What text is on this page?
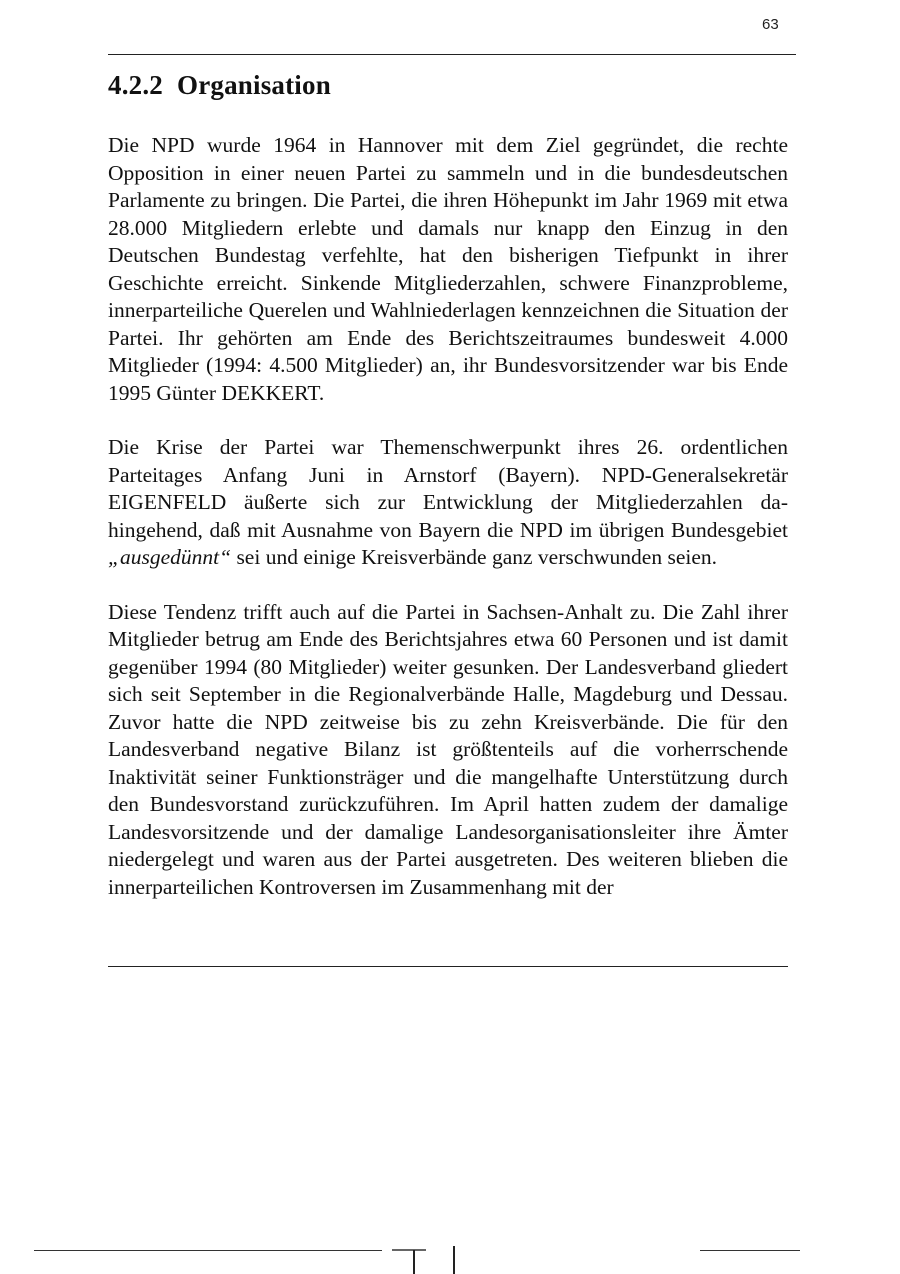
63
4.2.2 Organisation

Die NPD wurde 1964 in Hannover mit dem Ziel gegründet, die rechte Opposition in einer neuen Partei zu sammeln und in die bundesdeutschen Parlamente zu bringen. Die Partei, die ihren Höhepunkt im Jahr 1969 mit etwa 28.000 Mitgliedern erlebte und damals nur knapp den Einzug in den Deutschen Bundestag verfehlte, hat den bisherigen Tiefpunkt in ihrer Geschichte erreicht. Sinkende Mitgliederzahlen, schwere Finanzprobleme, innerparteiliche Querelen und Wahlniederlagen kennzeichnen die Situation der Partei. Ihr gehörten am Ende des Berichtszeitraumes bundesweit 4.000 Mitglieder (1994: 4.500 Mitglieder) an, ihr Bundesvorsitzender war bis Ende 1995 Günter DEKKERT.

Die Krise der Partei war Themenschwerpunkt ihres 26. ordentlichen Parteitages Anfang Juni in Arnstorf (Bayern). NPD-Generalsekretär EIGENFELD äußerte sich zur Entwicklung der Mitgliederzahlen dahingehend, daß mit Ausnahme von Bayern die NPD im übrigen Bundesgebiet „ausgedünnt“ sei und einige Kreisverbände ganz verschwunden seien.

Diese Tendenz trifft auch auf die Partei in Sachsen-Anhalt zu. Die Zahl ihrer Mitglieder betrug am Ende des Berichtsjahres etwa 60 Personen und ist damit gegenüber 1994 (80 Mitglieder) weiter gesunken. Der Landesverband gliedert sich seit September in die Regionalverbände Halle, Magdeburg und Dessau. Zuvor hatte die NPD zeitweise bis zu zehn Kreisverbände. Die für den Landesverband negative Bilanz ist größtenteils auf die vorherrschende Inaktivität seiner Funktionsträger und die mangelhafte Unterstützung durch den Bundesvorstand zurückzuführen. Im April hatten zudem der damalige Landesvorsitzende und der damalige Landesorganisationsleiter ihre Ämter niedergelegt und waren aus der Partei ausgetreten. Des weiteren blieben die innerparteilichen Kontroversen im Zusammenhang mit der
